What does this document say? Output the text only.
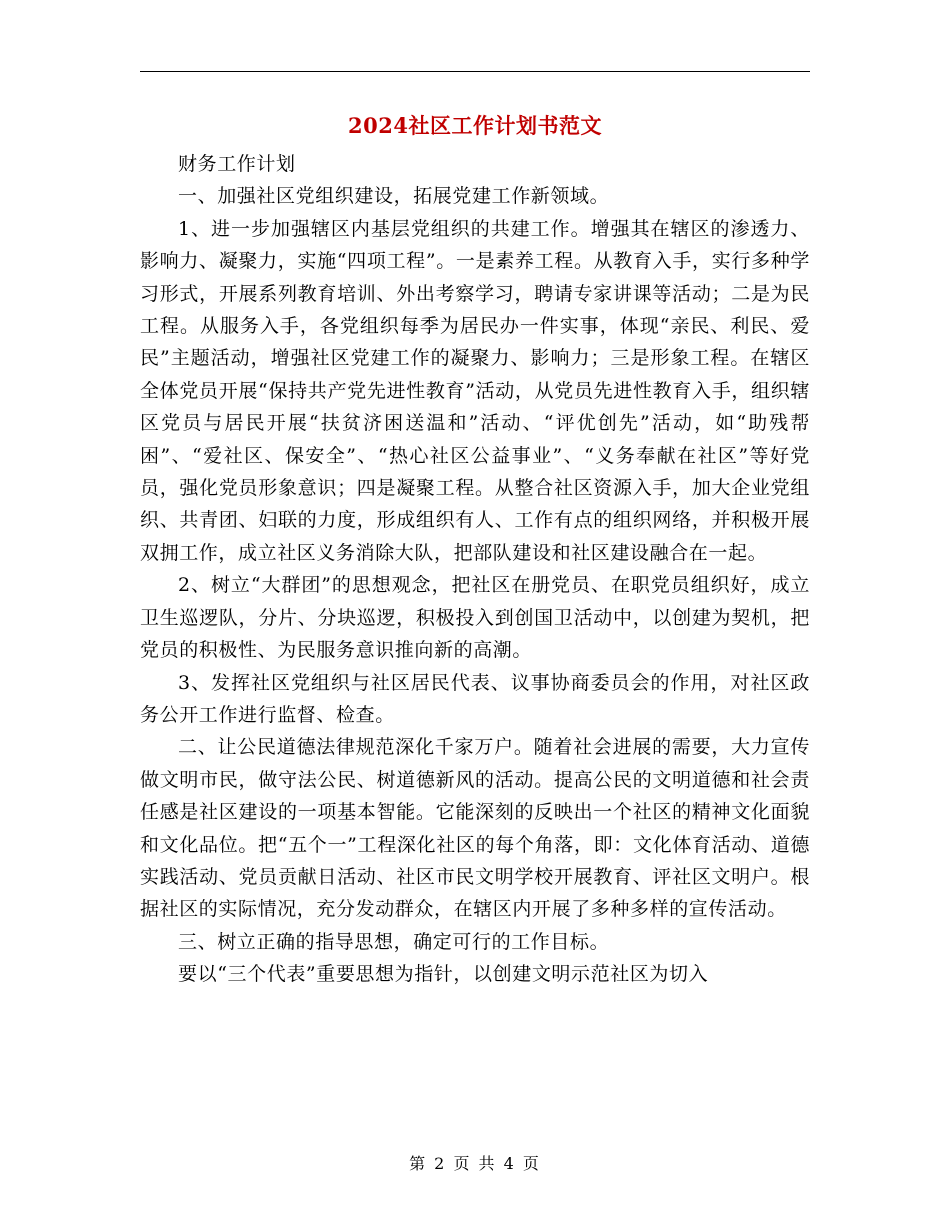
2024社区工作计划书范文

财务工作计划

一、加强社区党组织建设，拓展党建工作新领域。

1、进一步加强辖区内基层党组织的共建工作。增强其在辖区的渗透力、影响力、凝聚力，实施“四项工程”。一是素养工程。从教育入手，实行多种学习形式，开展系列教育培训、外出考察学习，聘请专家讲课等活动；二是为民工程。从服务入手，各党组织每季为居民办一件实事，体现“亲民、利民、爱民”主题活动，增强社区党建工作的凝聚力、影响力；三是形象工程。在辖区全体党员开展“保持共产党先进性教育”活动，从党员先进性教育入手，组织辖区党员与居民开展“扶贫济困送温和”活动、“评优创先”活动，如“助残帮困”、“爱社区、保安全”、“热心社区公益事业”、“义务奉献在社区”等好党员，强化党员形象意识；四是凝聚工程。从整合社区资源入手，加大企业党组织、共青团、妇联的力度，形成组织有人、工作有点的组织网络，并积极开展双拥工作，成立社区义务消除大队，把部队建设和社区建设融合在一起。

2、树立“大群团”的思想观念，把社区在册党员、在职党员组织好，成立卫生巡逻队，分片、分块巡逻，积极投入到创国卫活动中，以创建为契机，把党员的积极性、为民服务意识推向新的高潮。

3、发挥社区党组织与社区居民代表、议事协商委员会的作用，对社区政务公开工作进行监督、检查。

二、让公民道德法律规范深化千家万户。随着社会进展的需要，大力宣传做文明市民，做守法公民、树道德新风的活动。提高公民的文明道德和社会责任感是社区建设的一项基本智能。它能深刻的反映出一个社区的精神文化面貌和文化品位。把“五个一”工程深化社区的每个角落，即：文化体育活动、道德实践活动、党员贡献日活动、社区市民文明学校开展教育、评社区文明户。根据社区的实际情况，充分发动群众，在辖区内开展了多种多样的宣传活动。

三、树立正确的指导思想，确定可行的工作目标。

要以“三个代表”重要思想为指针，以创建文明示范社区为切入

第 2 页 共 4 页
